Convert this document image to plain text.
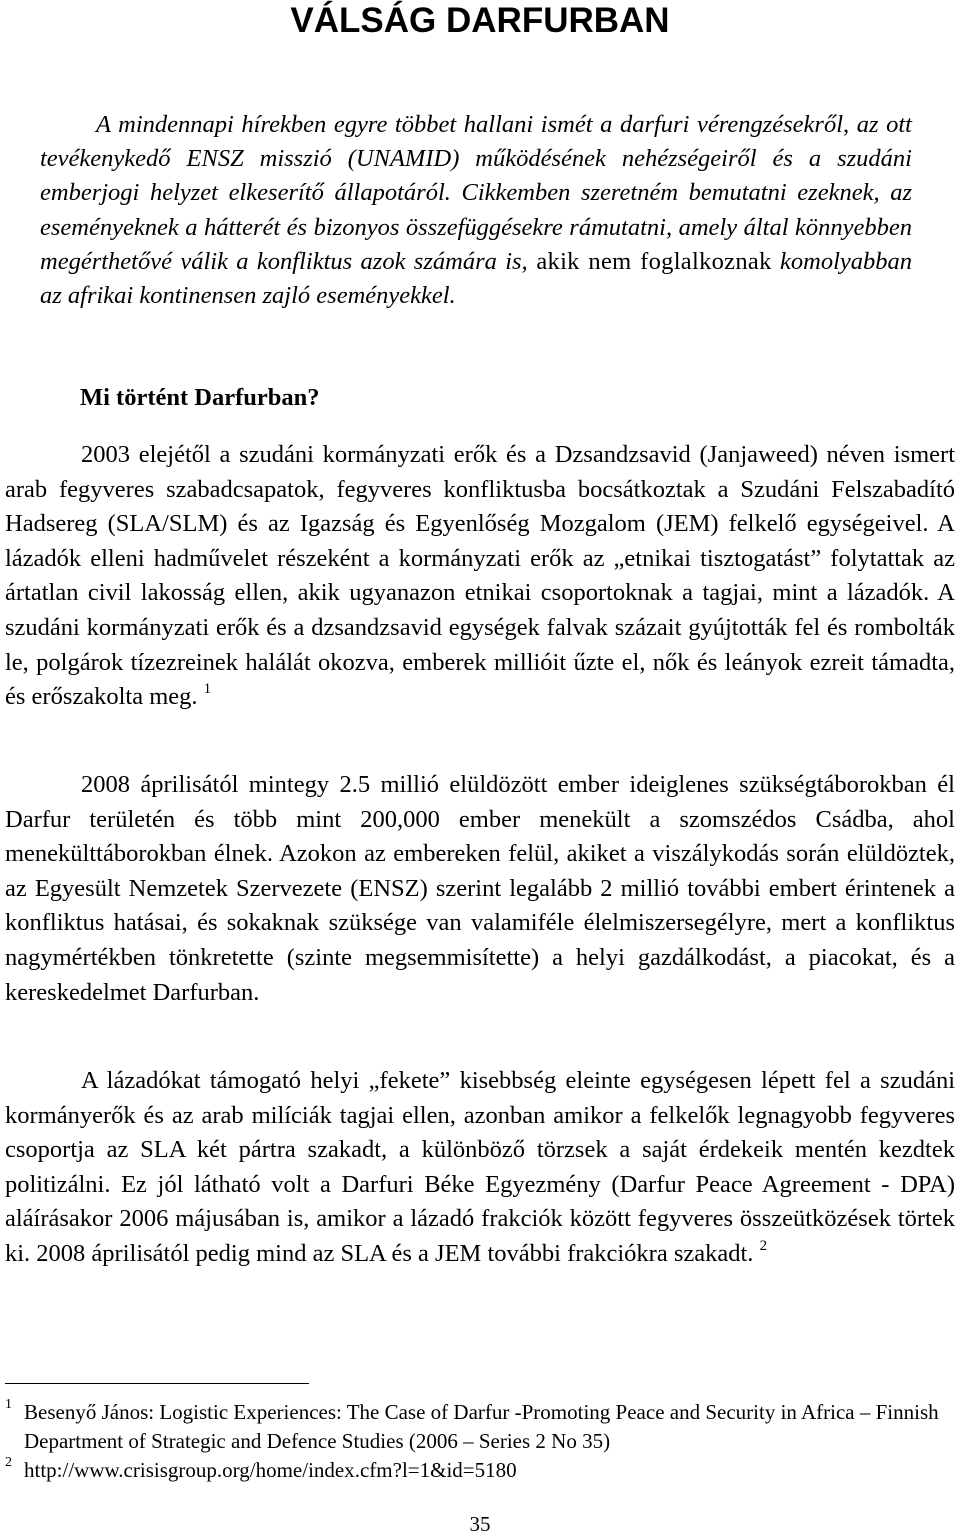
VÁLSÁG DARFURBAN

A mindennapi hírekben egyre többet hallani ismét a darfuri vérengzésekről, az ott tevékenykedő ENSZ misszió (UNAMID) működésének nehézségeiről és a szudáni emberjogi helyzet elkeserítő állapotáról. Cikkemben szeretném bemutatni ezeknek, az eseményeknek a hátterét és bizonyos összefüggésekre rámutatni, amely által könnyebben megérthetővé válik a konfliktus azok számára is, akik nem foglalkoznak komolyabban az afrikai kontinensen zajló eseményekkel.

Mi történt Darfurban?

2003 elejétől a szudáni kormányzati erők és a Dzsandzsavid (Janjaweed) néven ismert arab fegyveres szabadcsapatok, fegyveres konfliktusba bocsátkoztak a Szudáni Felszabadító Hadsereg (SLA/SLM) és az Igazság és Egyenlőség Mozgalom (JEM) felkelő egységeivel. A lázadók elleni hadművelet részeként a kormányzati erők az „etnikai tisztogatást” folytattak az ártatlan civil lakosság ellen, akik ugyanazon etnikai csoportoknak a tagjai, mint a lázadók. A szudáni kormányzati erők és a dzsandzsavid egységek falvak százait gyújtották fel és rombolták le, polgárok tízezreinek halálát okozva, emberek millióit űzte el, nők és leányok ezreit támadta, és erőszakolta meg. $^1$

2008 áprilisától mintegy 2.5 millió elüldözött ember ideiglenes szükségtáborokban él Darfur területén és több mint 200,000 ember menekült a szomszédos Csádba, ahol menekülttáborokban élnek. Azokon az embereken felül, akiket a viszálykodás során elüldöztek, az Egyesült Nemzetek Szervezete (ENSZ) szerint legalább 2 millió további embert érintenek a konfliktus hatásai, és sokaknak szüksége van valamiféle élelmiszersegélyre, mert a konfliktus nagymértékben tönkretette (szinte megsemmisítette) a helyi gazdálkodást, a piacokat, és a kereskedelmet Darfurban.

A lázadókat támogató helyi „fekete” kisebbség eleinte egységesen lépett fel a szudáni kormányerők és az arab milíciák tagjai ellen, azonban amikor a felkelők legnagyobb fegyveres csoportja az SLA két pártra szakadt, a különböző törzsek a saját érdekeik mentén kezdtek politizálni. Ez jól látható volt a Darfuri Béke Egyezmény (Darfur Peace Agreement - DPA) aláírásakor 2006 májusában is, amikor a lázadó frakciók között fegyveres összeütközések törtek ki. 2008 áprilisától pedig mind az SLA és a JEM további frakciókra szakadt. $^2$

1 Besenyő János: Logistic Experiences: The Case of Darfur -Promoting Peace and Security in Africa – Finnish Department of Strategic and Defence Studies (2006 – Series 2 No 35)
2 http://www.crisisgroup.org/home/index.cfm?l=1&id=5180
35
